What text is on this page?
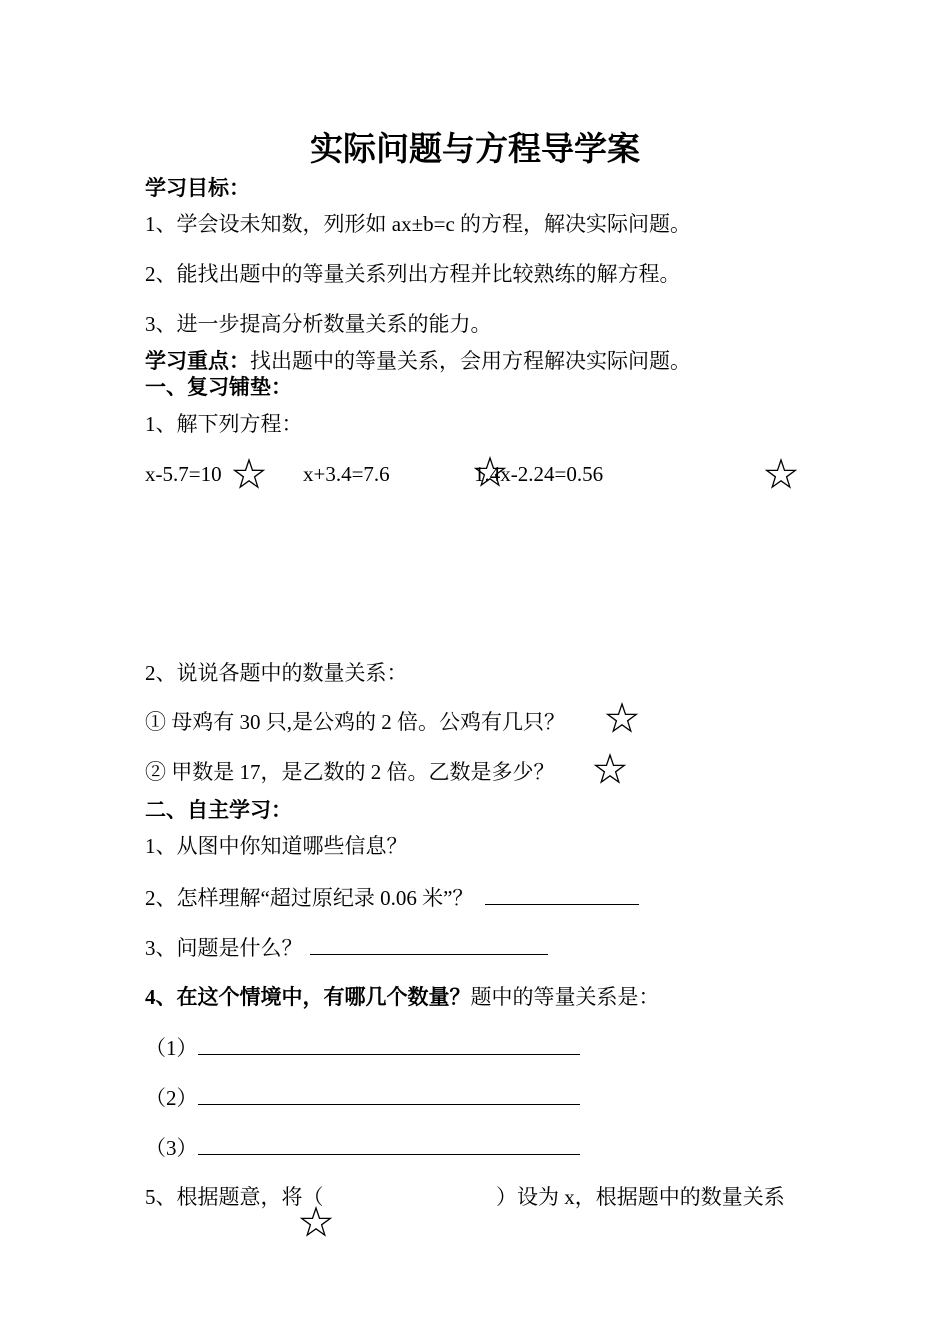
实际问题与方程导学案
学习目标：
1、学会设未知数，列形如 ax±b=c 的方程，解决实际问题。
2、能找出题中的等量关系列出方程并比较熟练的解方程。
3、进一步提高分析数量关系的能力。
学习重点：找出题中的等量关系，会用方程解决实际问题。
一、复习铺垫：
1、解下列方程：
x-5.7=10	x+3.4=7.6	1.4x-2.24=0.56
2、说说各题中的数量关系：
① 母鸡有 30 只,是公鸡的 2 倍。公鸡有几只？
② 甲数是 17，是乙数的 2 倍。乙数是多少？
二、自主学习：
1、从图中你知道哪些信息？
2、怎样理解“超过原纪录 0.06 米”？
3、问题是什么？
4、在这个情境中，有哪几个数量？题中的等量关系是：
（1）
（2）
（3）
5、根据题意，将（	）设为 x，根据题中的数量关系
